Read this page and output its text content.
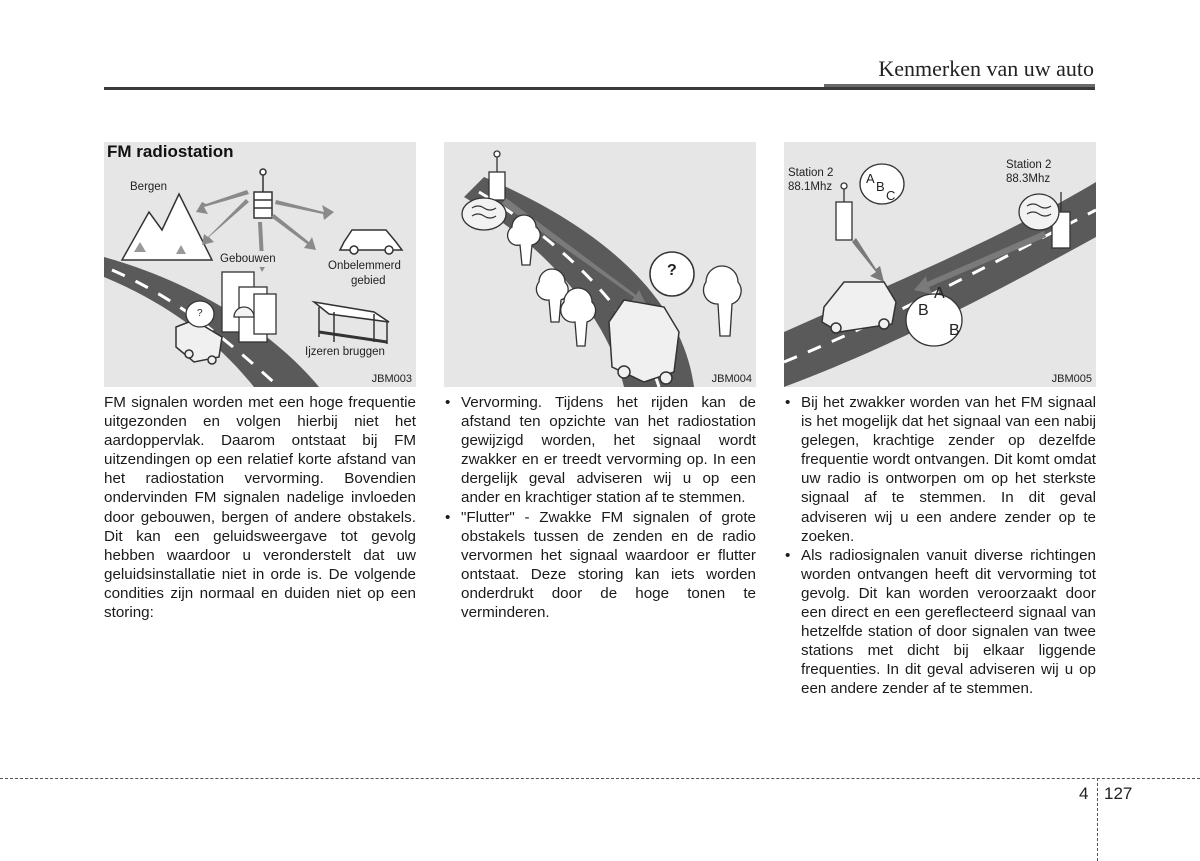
Kenmerken van uw auto
FM radiostation
Bergen
Gebouwen
Onbelemmerd
gebied
Ijzeren bruggen
?
JBM003
?
JBM004
Station 2
88.1Mhz
Station 2
88.3Mhz
A
B
C
A
B
B
JBM005

FM signalen worden met een hoge frequentie uitgezonden en volgen hierbij niet het aardoppervlak. Daarom ontstaat bij FM uitzendingen op een relatief korte afstand van het radiostation vervorming. Bovendien ondervinden FM signalen nadelige invloeden door gebouwen, bergen of andere obstakels. Dit kan een geluidsweergave tot gevolg hebben waardoor u veronderstelt dat uw geluidsinstallatie niet in orde is. De volgende condities zijn normaal en duiden niet op een storing:

• Vervorming. Tijdens het rijden kan de afstand ten opzichte van het radiostation gewijzigd worden, het signaal wordt zwakker en er treedt vervorming op. In een dergelijk geval adviseren wij u op een ander en krachtiger station af te stemmen.
• "Flutter" - Zwakke FM signalen of grote obstakels tussen de zenden en de radio vervormen het signaal waardoor er flutter ontstaat. Deze storing kan iets worden onderdrukt door de hoge tonen te verminderen.
• Bij het zwakker worden van het FM signaal is het mogelijk dat het signaal van een nabij gelegen, krachtige zender op dezelfde frequentie wordt ontvangen. Dit komt omdat uw radio is ontworpen om op het sterkste signaal af te stemmen. In dit geval adviseren wij u een andere zender op te zoeken.
• Als radiosignalen vanuit diverse richtingen worden ontvangen heeft dit vervorming tot gevolg. Dit kan worden veroorzaakt door een direct en een gereflecteerd signaal van hetzelfde station of door signalen van twee stations met dicht bij elkaar liggende frequenties. In dit geval adviseren wij u op een andere zender af te stemmen.
4 127
